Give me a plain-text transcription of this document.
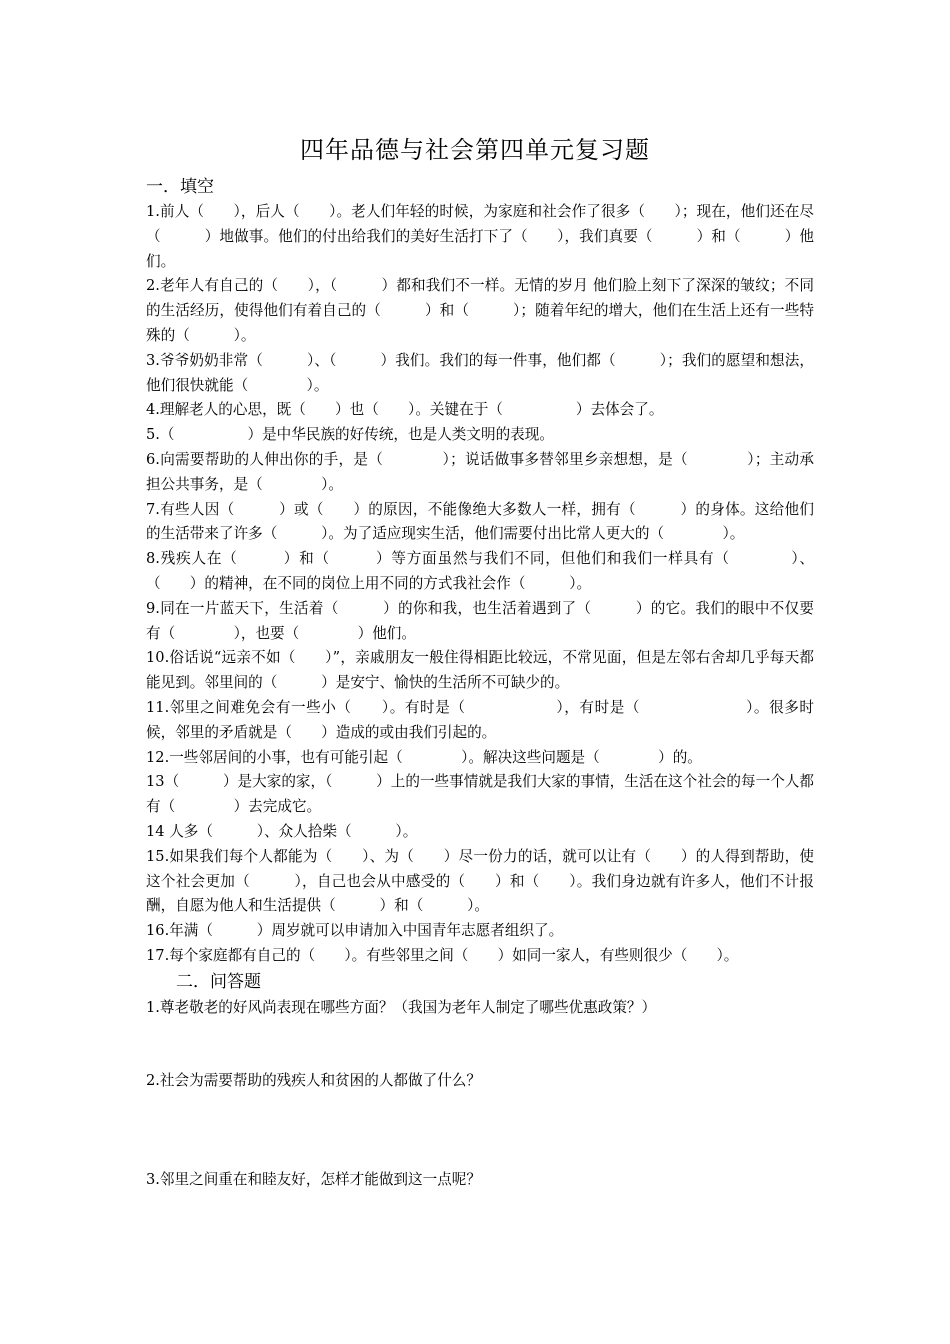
四年品德与社会第四单元复习题
一．填空

1.前人（　　），后人（　　）。老人们年轻的时候，为家庭和社会作了很多（　　）；现在，他们还在尽（　　　）地做事。他们的付出给我们的美好生活打下了（　　），我们真要（　　　）和（　　　）他们。

2.老年人有自己的（　　），（　　　）都和我们不一样。无情的岁月 他们脸上刻下了深深的皱纹；不同的生活经历，使得他们有着自己的（　　　）和（　　　）；随着年纪的增大，他们在生活上还有一些特殊的（　　　）。

3.爷爷奶奶非常（　　　）、（　　　）我们。我们的每一件事，他们都（　　　）；我们的愿望和想法，他们很快就能（　　　　）。

4.理解老人的心思，既（　　）也（　　）。关键在于（　　　　　）去体会了。

5.（　　　　　）是中华民族的好传统，也是人类文明的表现。

6.向需要帮助的人伸出你的手，是（　　　　）；说话做事多替邻里乡亲想想，是（　　　　）；主动承担公共事务，是（　　　　）。

7.有些人因（　　　）或（　　）的原因，不能像绝大多数人一样，拥有（　　　）的身体。这给他们的生活带来了许多（　　　）。为了适应现实生活，他们需要付出比常人更大的（　　　　）。

8.残疾人在（　　　）和（　　　）等方面虽然与我们不同，但他们和我们一样具有（　　　　）、（　　）的精神，在不同的岗位上用不同的方式我社会作（　　　）。

9.同在一片蓝天下，生活着（　　　）的你和我，也生活着遇到了（　　　）的它。我们的眼中不仅要有（　　　　），也要（　　　　）他们。

10.俗话说“远亲不如（　　）”，亲戚朋友一般住得相距比较远，不常见面，但是左邻右舍却几乎每天都能见到。邻里间的（　　　）是安宁、愉快的生活所不可缺少的。

11.邻里之间难免会有一些小（　　）。有时是（　　　　　　），有时是（　　　　　　　）。很多时候，邻里的矛盾就是（　　）造成的或由我们引起的。

12.一些邻居间的小事，也有可能引起（　　　　）。解决这些问题是（　　　　）的。

13（　　　）是大家的家，（　　　）上的一些事情就是我们大家的事情，生活在这个社会的每一个人都有（　　　　）去完成它。

14 人多（　　　）、众人拾柴（　　　）。

15.如果我们每个人都能为（　　）、为（　　）尽一份力的话，就可以让有（　　）的人得到帮助，使这个社会更加（　　　），自己也会从中感受的（　　）和（　　）。我们身边就有许多人，他们不计报酬，自愿为他人和生活提供（　　　）和（　　　）。

16.年满（　　　）周岁就可以申请加入中国青年志愿者组织了。

17.每个家庭都有自己的（　　）。有些邻里之间（　　）如同一家人，有些则很少（　　）。

二．问答题
1.尊老敬老的好风尚表现在哪些方面？（我国为老年人制定了哪些优惠政策？）
2.社会为需要帮助的残疾人和贫困的人都做了什么？
3.邻里之间重在和睦友好，怎样才能做到这一点呢？
